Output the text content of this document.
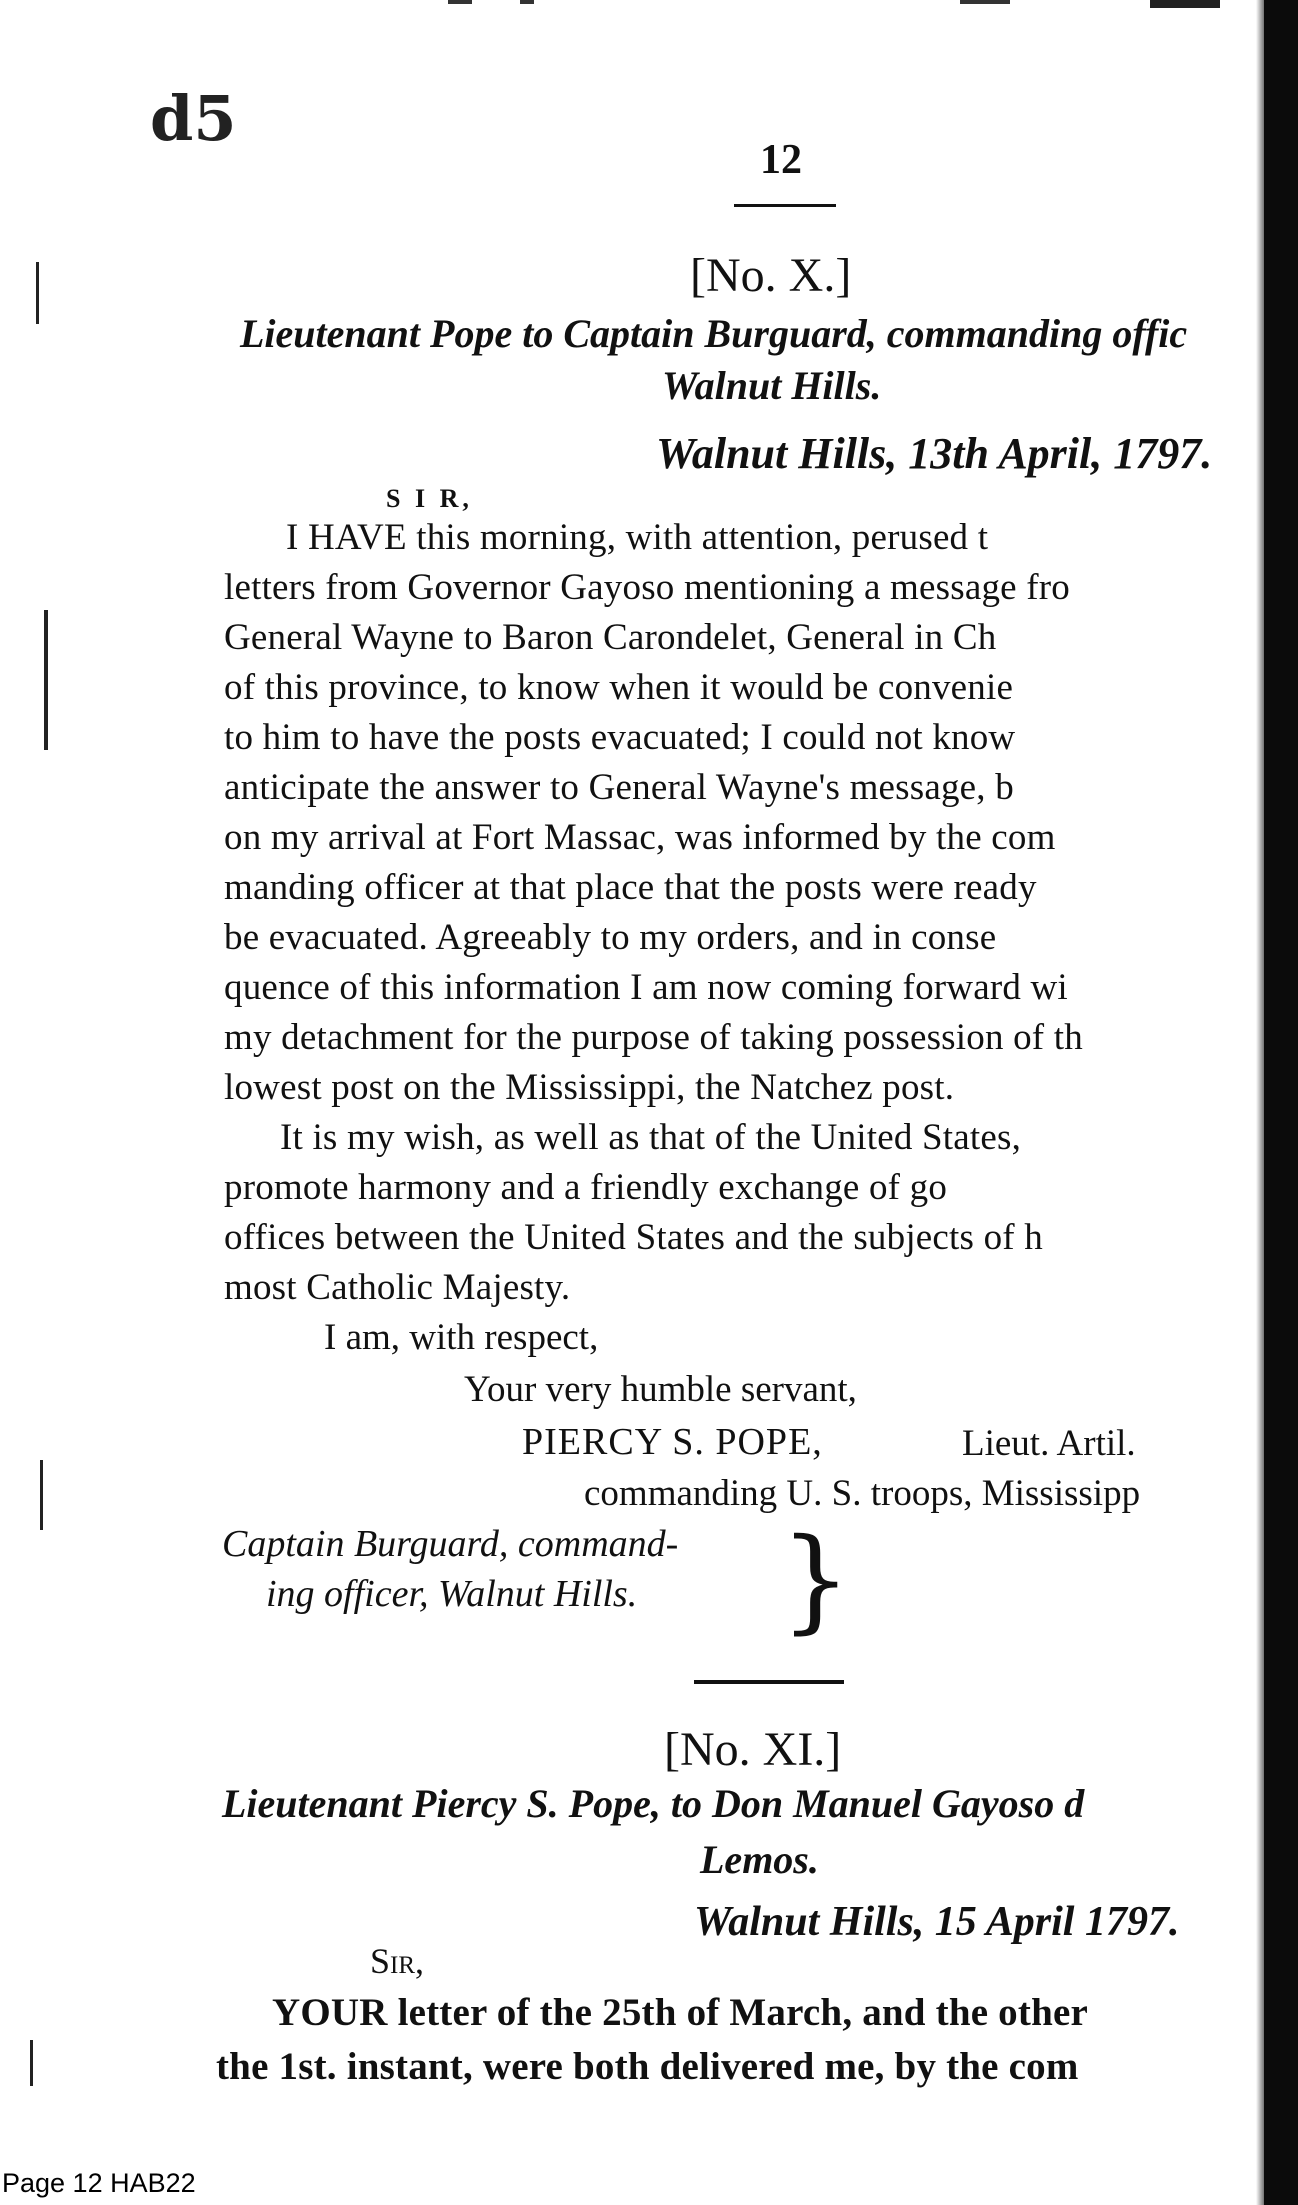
d5
12
[No. X.]
Lieutenant Pope to Captain Burguard, commanding offic
Walnut Hills.
Walnut Hills, 13th April, 1797.
S I R,
I HAVE this morning, with attention, perused t
letters from Governor Gayoso mentioning a message fro
General Wayne to Baron Carondelet, General in Ch
of this province, to know when it would be convenie
to him to have the posts evacuated; I could not know
anticipate the answer to General Wayne's message, b
on my arrival at Fort Massac, was informed by the com
manding officer at that place that the posts were ready
be evacuated. Agreeably to my orders, and in conse
quence of this information I am now coming forward wi
my detachment for the purpose of taking possession of th
lowest post on the Mississippi, the Natchez post.
It is my wish, as well as that of the United States,
promote harmony and a friendly exchange of go
offices between the United States and the subjects of h
most Catholic Majesty.
I am, with respect,
Your very humble servant,
PIERCY S. POPE,	Lieut. Artil.
commanding U. S. troops, Mississipp
Captain Burguard, command-
ing officer, Walnut Hills. }
[No. XI.]
Lieutenant Piercy S. Pope, to Don Manuel Gayoso d
Lemos.
Walnut Hills, 15 April 1797.
Sir,
YOUR letter of the 25th of March, and the other
the 1st. instant, were both delivered me, by the com
Page 12 HAB22
